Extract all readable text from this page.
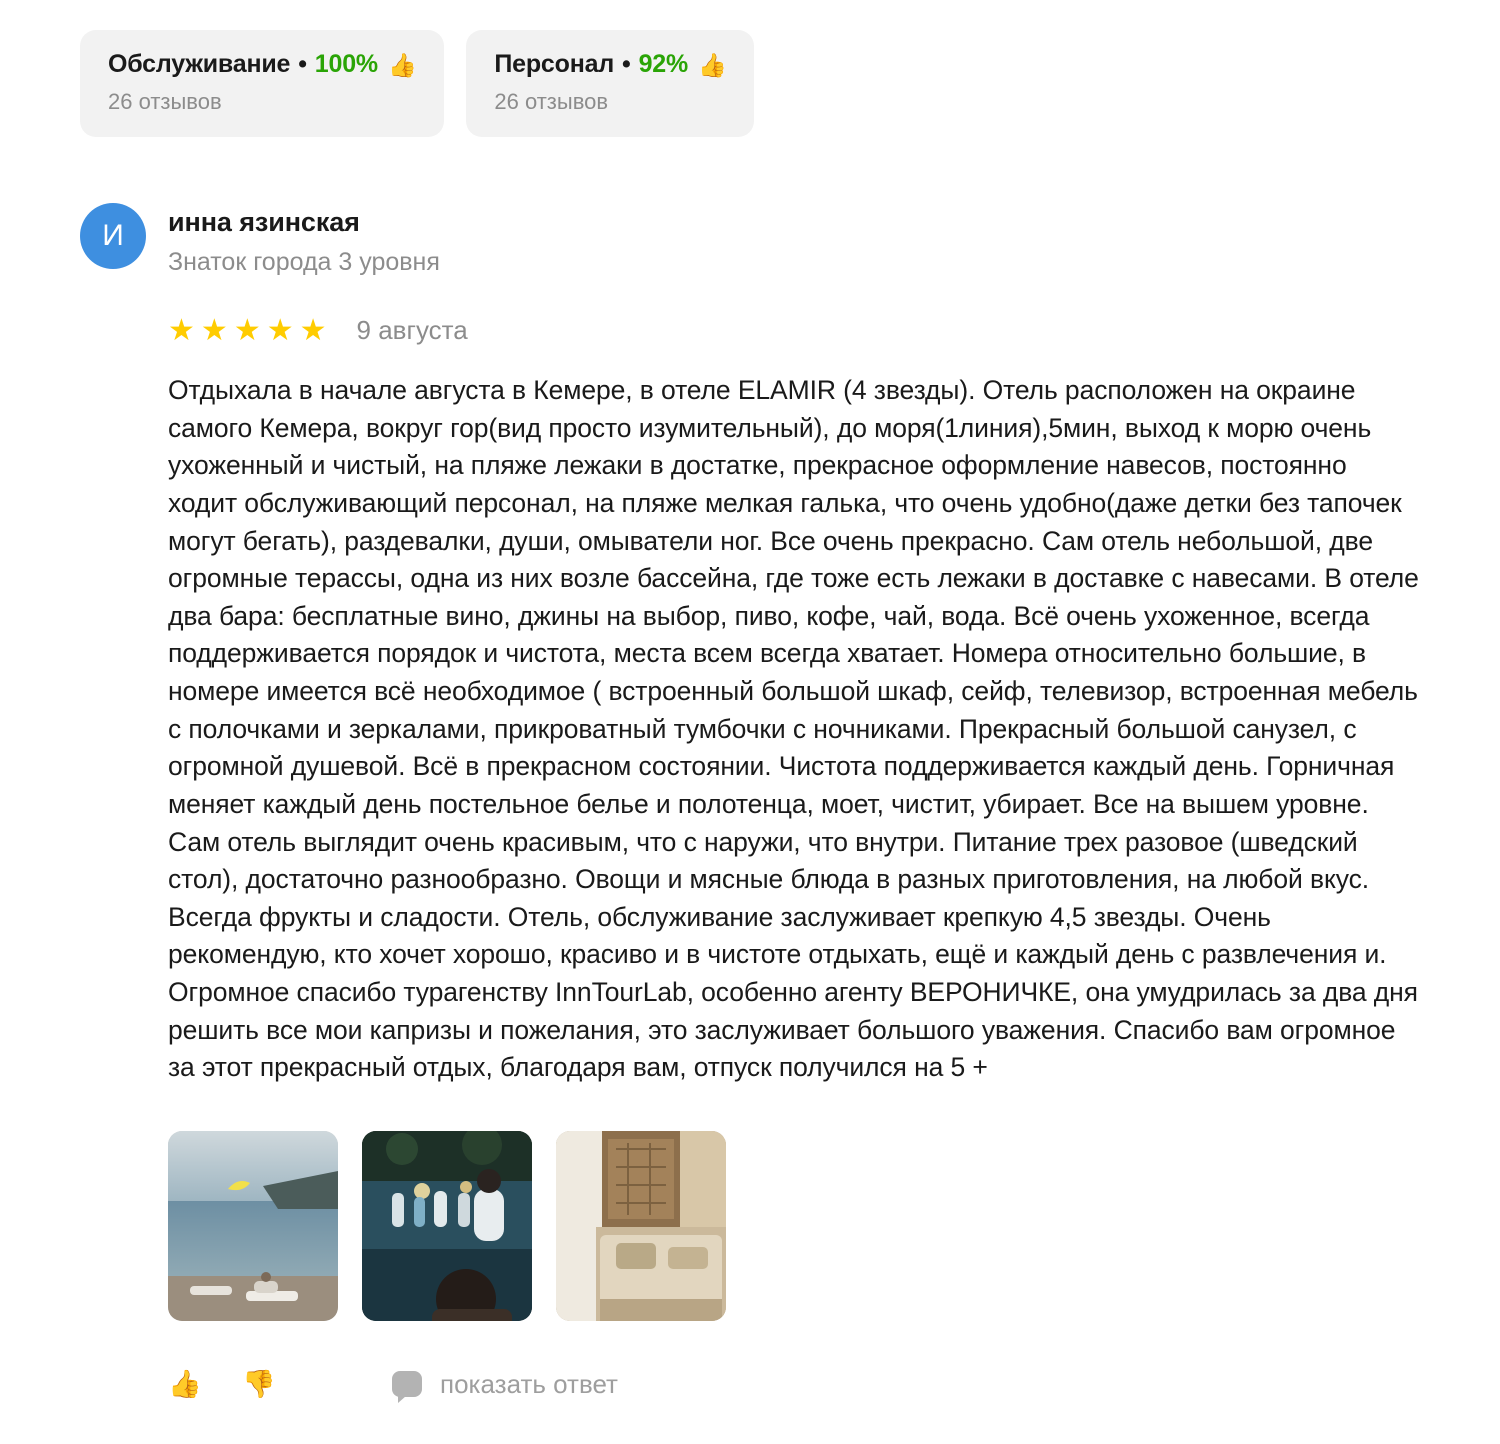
Обслуживание • 100% 👍
26 отзывов
Персонал • 92% 👍
26 отзывов
И	инна язинская
Знаток города 3 уровня
★ ★ ★ ★ ★ 9 августа
Отдыхала в начале августа в Кемере, в отеле ELAMIR (4 звезды). Отель расположен на окраине самого Кемера, вокруг гор(вид просто изумительный), до моря(1линия),5мин, выход к морю очень ухоженный и чистый, на пляже лежаки в достатке, прекрасное оформление навесов, постоянно ходит обслуживающий персонал, на пляже мелкая галька, что очень удобно(даже детки без тапочек могут бегать), раздевалки, души, омыватели ног. Все очень прекрасно. Сам отель небольшой, две огромные терассы, одна из них возле бассейна, где тоже есть лежаки в доставке с навесами. В отеле два бара: бесплатные вино, джины на выбор, пиво, кофе, чай, вода. Всё очень ухоженное, всегда поддерживается порядок и чистота, места всем всегда хватает. Номера относительно большие, в номере имеется всё необходимое ( встроенный большой шкаф, сейф, телевизор, встроенная мебель с полочками и зеркалами, прикроватный тумбочки с ночниками. Прекрасный большой санузел, с огромной душевой. Всё в прекрасном состоянии. Чистота поддерживается каждый день. Горничная меняет каждый день постельное белье и полотенца, моет, чистит, убирает. Все на вышем уровне. Сам отель выглядит очень красивым, что с наружи, что внутри. Питание трех разовое (шведский стол), достаточно разнообразно. Овощи и мясные блюда в разных приготовления, на любой вкус. Всегда фрукты и сладости. Отель, обслуживание заслуживает крепкую 4,5 звезды. Очень рекомендую, кто хочет хорошо, красиво и в чистоте отдыхать, ещё и каждый день с развлечения и. Огромное спасибо турагенству InnTourLab, особенно агенту ВЕРОНИЧКЕ, она умудрилась за два дня решить все мои капризы и пожелания, это заслуживает большого уважения. Спасибо вам огромное за этот прекрасный отдых, благодаря вам, отпуск получился на 5 +
👍 👎	показать ответ
